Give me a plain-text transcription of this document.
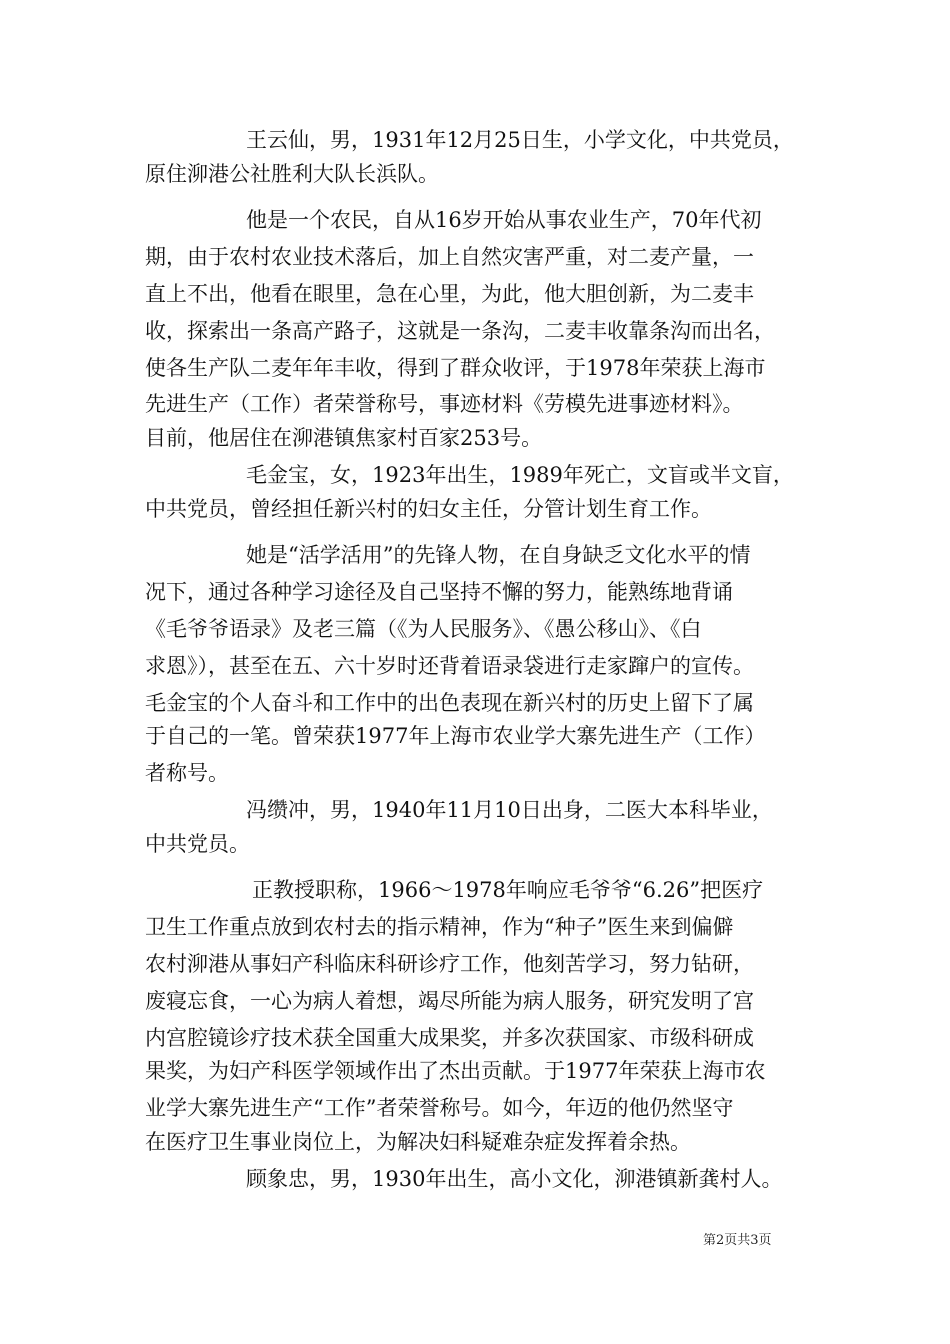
王云仙，男，1931年12月25日生，小学文化，中共党员，
原住泖港公社胜利大队长浜队。
他是一个农民，自从16岁开始从事农业生产，70年代初
期，由于农村农业技术落后，加上自然灾害严重，对二麦产量，一
直上不出，他看在眼里，急在心里，为此，他大胆创新，为二麦丰
收，探索出一条高产路子，这就是一条沟，二麦丰收靠条沟而出名，
使各生产队二麦年年丰收，得到了群众收评，于1978年荣获上海市
先进生产（工作）者荣誉称号，事迹材料《劳模先进事迹材料》。
目前，他居住在泖港镇焦家村百家253号。
毛金宝，女，1923年出生，1989年死亡，文盲或半文盲，
中共党员，曾经担任新兴村的妇女主任，分管计划生育工作。
她是“活学活用”的先锋人物，在自身缺乏文化水平的情
况下，通过各种学习途径及自己坚持不懈的努力，能熟练地背诵
《毛爷爷语录》及老三篇（《为人民服务》、《愚公移山》、《白
求恩》），甚至在五、六十岁时还背着语录袋进行走家蹿户的宣传。
毛金宝的个人奋斗和工作中的出色表现在新兴村的历史上留下了属
于自己的一笔。曾荣获1977年上海市农业学大寨先进生产（工作）
者称号。
冯缵冲，男，1940年11月10日出身，二医大本科毕业，
中共党员。
正教授职称，1966～1978年响应毛爷爷“6.26”把医疗
卫生工作重点放到农村去的指示精神，作为“种子”医生来到偏僻
农村泖港从事妇产科临床科研诊疗工作，他刻苦学习，努力钻研，
废寝忘食，一心为病人着想，竭尽所能为病人服务，研究发明了宫
内宫腔镜诊疗技术获全国重大成果奖，并多次获国家、市级科研成
果奖，为妇产科医学领域作出了杰出贡献。于1977年荣获上海市农
业学大寨先进生产“工作”者荣誉称号。如今，年迈的他仍然坚守
在医疗卫生事业岗位上，为解决妇科疑难杂症发挥着余热。
顾象忠，男，1930年出生，高小文化，泖港镇新龚村人。
第2页共3页
